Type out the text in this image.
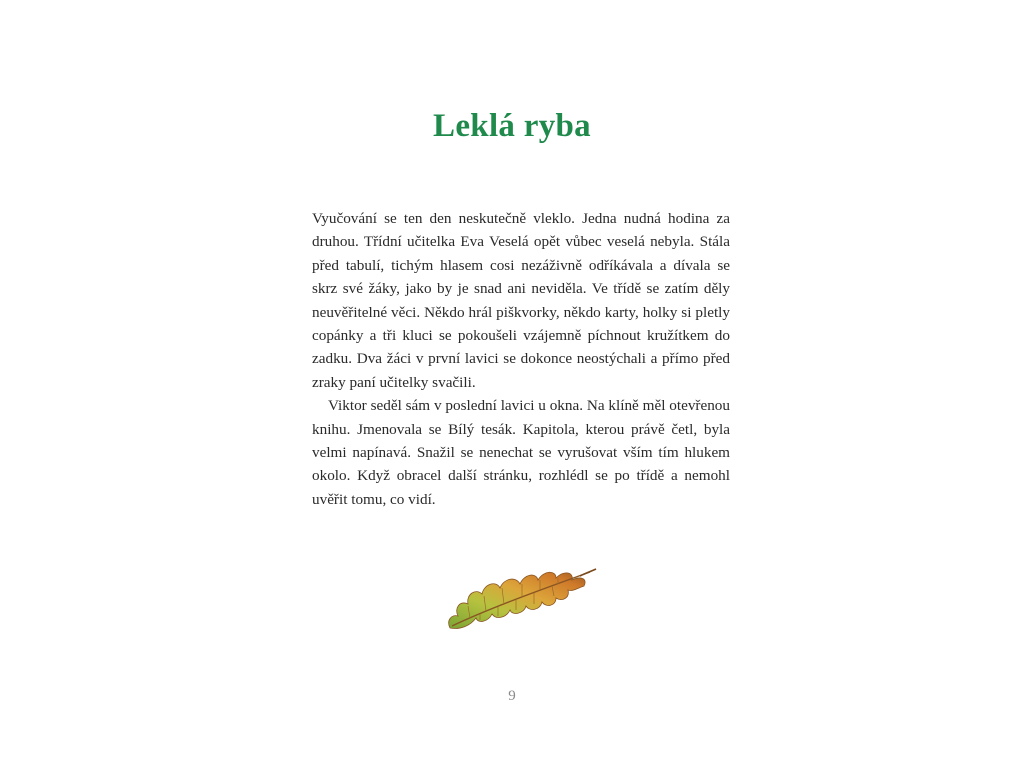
Leklá ryba

Vyučování se ten den neskutečně vleklo. Jedna nudná hodina za druhou. Třídní učitelka Eva Veselá opět vůbec veselá nebyla. Stála před tabulí, tichým hlasem cosi nezáživně odříkávala a dívala se skrz své žáky, jako by je snad ani neviděla. Ve třídě se zatím děly neuvěřitelné věci. Někdo hrál piškvorky, někdo karty, holky si pletly copánky a tři kluci se pokoušeli vzájemně píchnout kružítkem do zadku. Dva žáci v první lavici se dokonce neostýchali a přímo před zraky paní učitelky svačili.

Viktor seděl sám v poslední lavici u okna. Na klíně měl otevřenou knihu. Jmenovala se Bílý tesák. Kapitola, kterou právě četl, byla velmi napínavá. Snažil se nenechat se vyrušovat vším tím hlukem okolo. Když obracel další stránku, rozhlédl se po třídě a nemohl uvěřit tomu, co vidí.

9
